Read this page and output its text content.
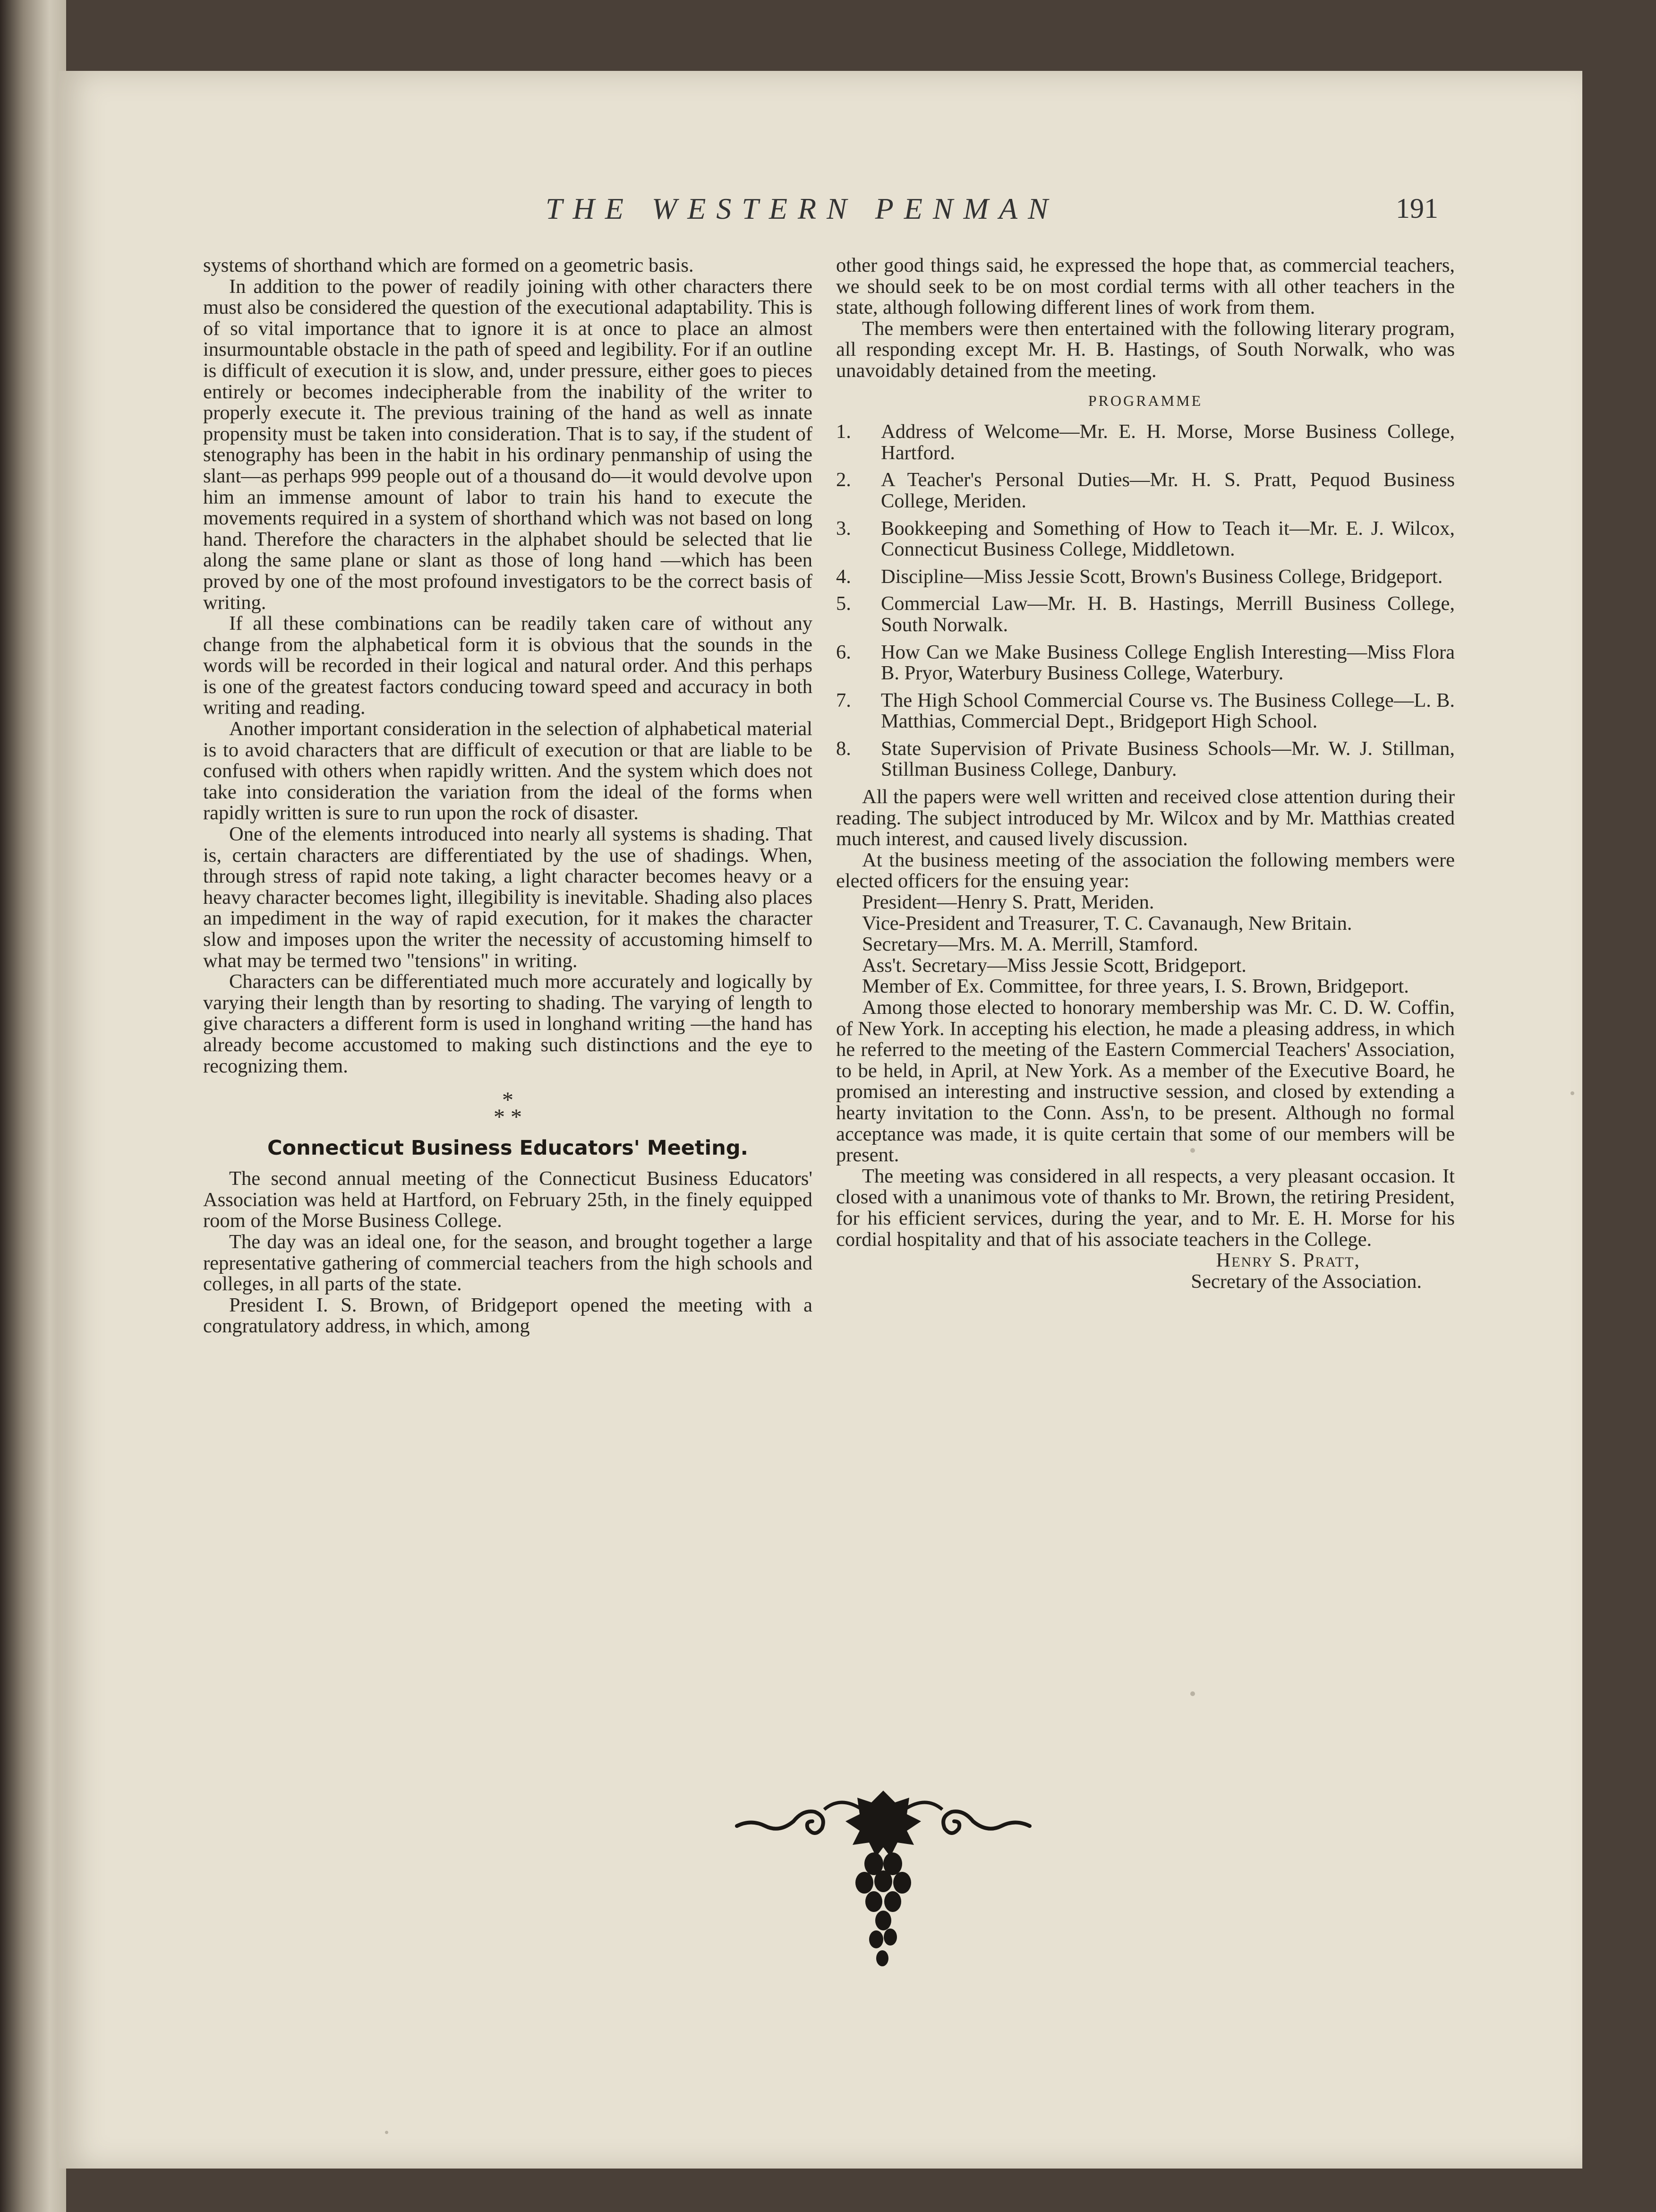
THE WESTERN PENMAN	191

systems of shorthand which are formed on a geometric basis.

In addition to the power of readily joining with other characters there must also be considered the question of the executional adaptability. This is of so vital importance that to ignore it is at once to place an almost insurmountable obstacle in the path of speed and legibility. For if an outline is difficult of execution it is slow, and, under pressure, either goes to pieces entirely or becomes indecipherable from the inability of the writer to properly execute it. The previous training of the hand as well as innate propensity must be taken into consideration. That is to say, if the student of stenography has been in the habit in his ordinary penmanship of using the slant—as perhaps 999 people out of a thousand do—it would devolve upon him an immense amount of labor to train his hand to execute the movements required in a system of shorthand which was not based on long hand. Therefore the characters in the alphabet should be selected that lie along the same plane or slant as those of long hand —which has been proved by one of the most profound investigators to be the correct basis of writing.

If all these combinations can be readily taken care of without any change from the alphabetical form it is obvious that the sounds in the words will be recorded in their logical and natural order. And this perhaps is one of the greatest factors conducing toward speed and accuracy in both writing and reading.

Another important consideration in the selection of alphabetical material is to avoid characters that are difficult of execution or that are liable to be confused with others when rapidly written. And the system which does not take into consideration the variation from the ideal of the forms when rapidly written is sure to run upon the rock of disaster.

One of the elements introduced into nearly all systems is shading. That is, certain characters are differentiated by the use of shadings. When, through stress of rapid note taking, a light character becomes heavy or a heavy character becomes light, illegibility is inevitable. Shading also places an impediment in the way of rapid execution, for it makes the character slow and imposes upon the writer the necessity of accustoming himself to what may be termed two "tensions" in writing.

Characters can be differentiated much more accurately and logically by varying their length than by resorting to shading. The varying of length to give characters a different form is used in longhand writing —the hand has already become accustomed to making such distinctions and the eye to recognizing them.

*
* *
Connecticut Business Educators' Meeting.

The second annual meeting of the Connecticut Business Educators' Association was held at Hartford, on February 25th, in the finely equipped room of the Morse Business College.

The day was an ideal one, for the season, and brought together a large representative gathering of commercial teachers from the high schools and colleges, in all parts of the state.

President I. S. Brown, of Bridgeport opened the meeting with a congratulatory address, in which, among

other good things said, he expressed the hope that, as commercial teachers, we should seek to be on most cordial terms with all other teachers in the state, although following different lines of work from them.

The members were then entertained with the following literary program, all responding except Mr. H. B. Hastings, of South Norwalk, who was unavoidably detained from the meeting.

PROGRAMME
1. Address of Welcome—Mr. E. H. Morse, Morse Business College, Hartford.
2. A Teacher's Personal Duties—Mr. H. S. Pratt, Pequod Business College, Meriden.
3. Bookkeeping and Something of How to Teach it—Mr. E. J. Wilcox, Connecticut Business College, Middletown.
4. Discipline—Miss Jessie Scott, Brown's Business College, Bridgeport.
5. Commercial Law—Mr. H. B. Hastings, Merrill Business College, South Norwalk.
6. How Can we Make Business College English Interesting—Miss Flora B. Pryor, Waterbury Business College, Waterbury.
7. The High School Commercial Course vs. The Business College—L. B. Matthias, Commercial Dept., Bridgeport High School.
8. State Supervision of Private Business Schools—Mr. W. J. Stillman, Stillman Business College, Danbury.

All the papers were well written and received close attention during their reading. The subject introduced by Mr. Wilcox and by Mr. Matthias created much interest, and caused lively discussion.

At the business meeting of the association the following members were elected officers for the ensuing year:

President—Henry S. Pratt, Meriden.

Vice-President and Treasurer, T. C. Cavanaugh, New Britain.

Secretary—Mrs. M. A. Merrill, Stamford.

Ass't. Secretary—Miss Jessie Scott, Bridgeport.

Member of Ex. Committee, for three years, I. S. Brown, Bridgeport.

Among those elected to honorary membership was Mr. C. D. W. Coffin, of New York. In accepting his election, he made a pleasing address, in which he referred to the meeting of the Eastern Commercial Teachers' Association, to be held, in April, at New York. As a member of the Executive Board, he promised an interesting and instructive session, and closed by extending a hearty invitation to the Conn. Ass'n, to be present. Although no formal acceptance was made, it is quite certain that some of our members will be present.

The meeting was considered in all respects, a very pleasant occasion. It closed with a unanimous vote of thanks to Mr. Brown, the retiring President, for his efficient services, during the year, and to Mr. E. H. Morse for his cordial hospitality and that of his associate teachers in the College.

Henry S. Pratt,
Secretary of the Association.
